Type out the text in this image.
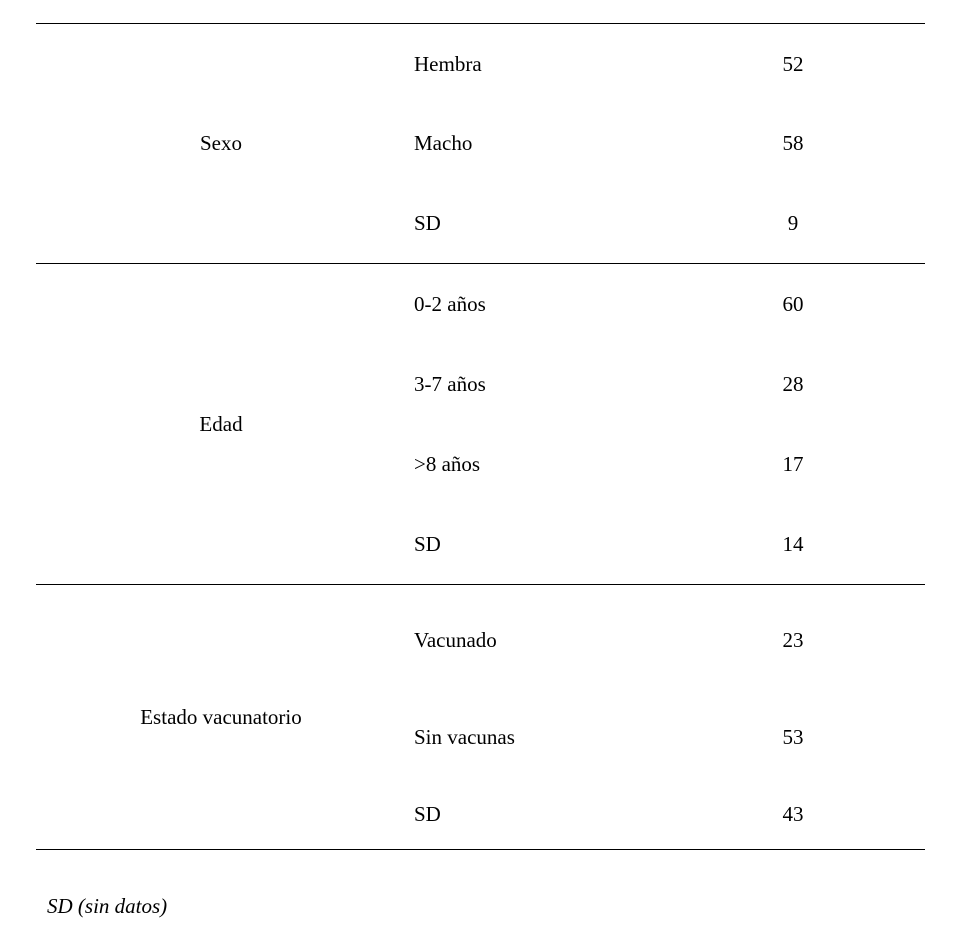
Sexo
Hembra	52
Macho	58
SD	9
Edad
0-2 años	60
3-7 años	28
>8 años	17
SD	14
Estado vacunatorio
Vacunado	23
Sin vacunas	53
SD	43
SD (sin datos)
